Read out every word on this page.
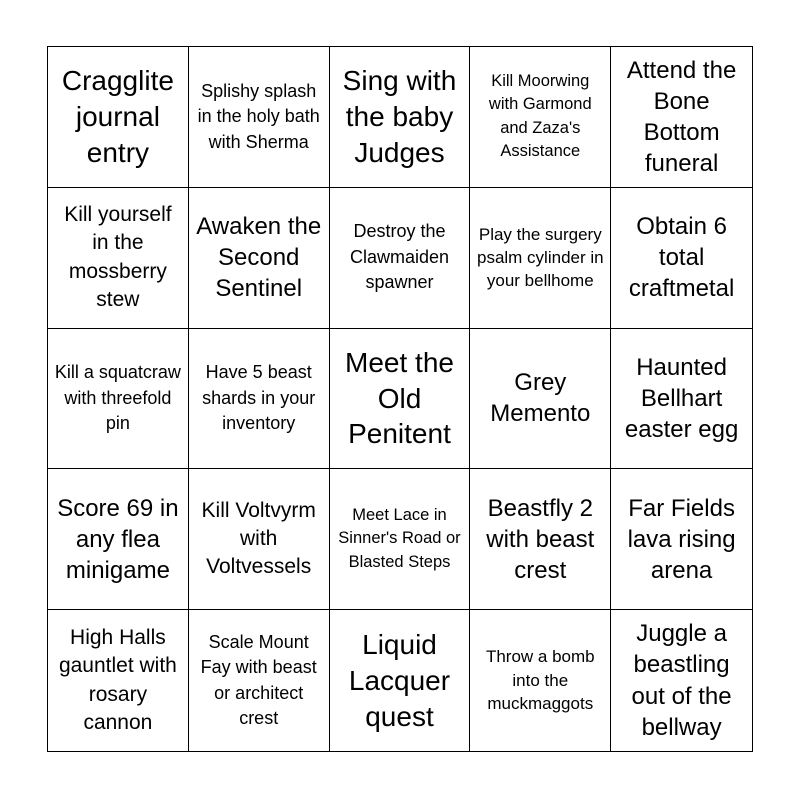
Cragglite journal entry
Splishy splash in the holy bath with Sherma
Sing with the baby Judges
Kill Moorwing with Garmond and Zaza's Assistance
Attend the Bone Bottom funeral
Kill yourself in the mossberry stew
Awaken the Second Sentinel
Destroy the Clawmaiden spawner
Play the surgery psalm cylinder in your bellhome
Obtain 6 total craftmetal
Kill a squatcraw with threefold pin
Have 5 beast shards in your inventory
Meet the Old Penitent
Grey Memento
Haunted Bellhart easter egg
Score 69 in any flea minigame
Kill Voltvyrm with Voltvessels
Meet Lace in Sinner's Road or Blasted Steps
Beastfly 2 with beast crest
Far Fields lava rising arena
High Halls gauntlet with rosary cannon
Scale Mount Fay with beast or architect crest
Liquid Lacquer quest
Throw a bomb into the muckmaggots
Juggle a beastling out of the bellway
